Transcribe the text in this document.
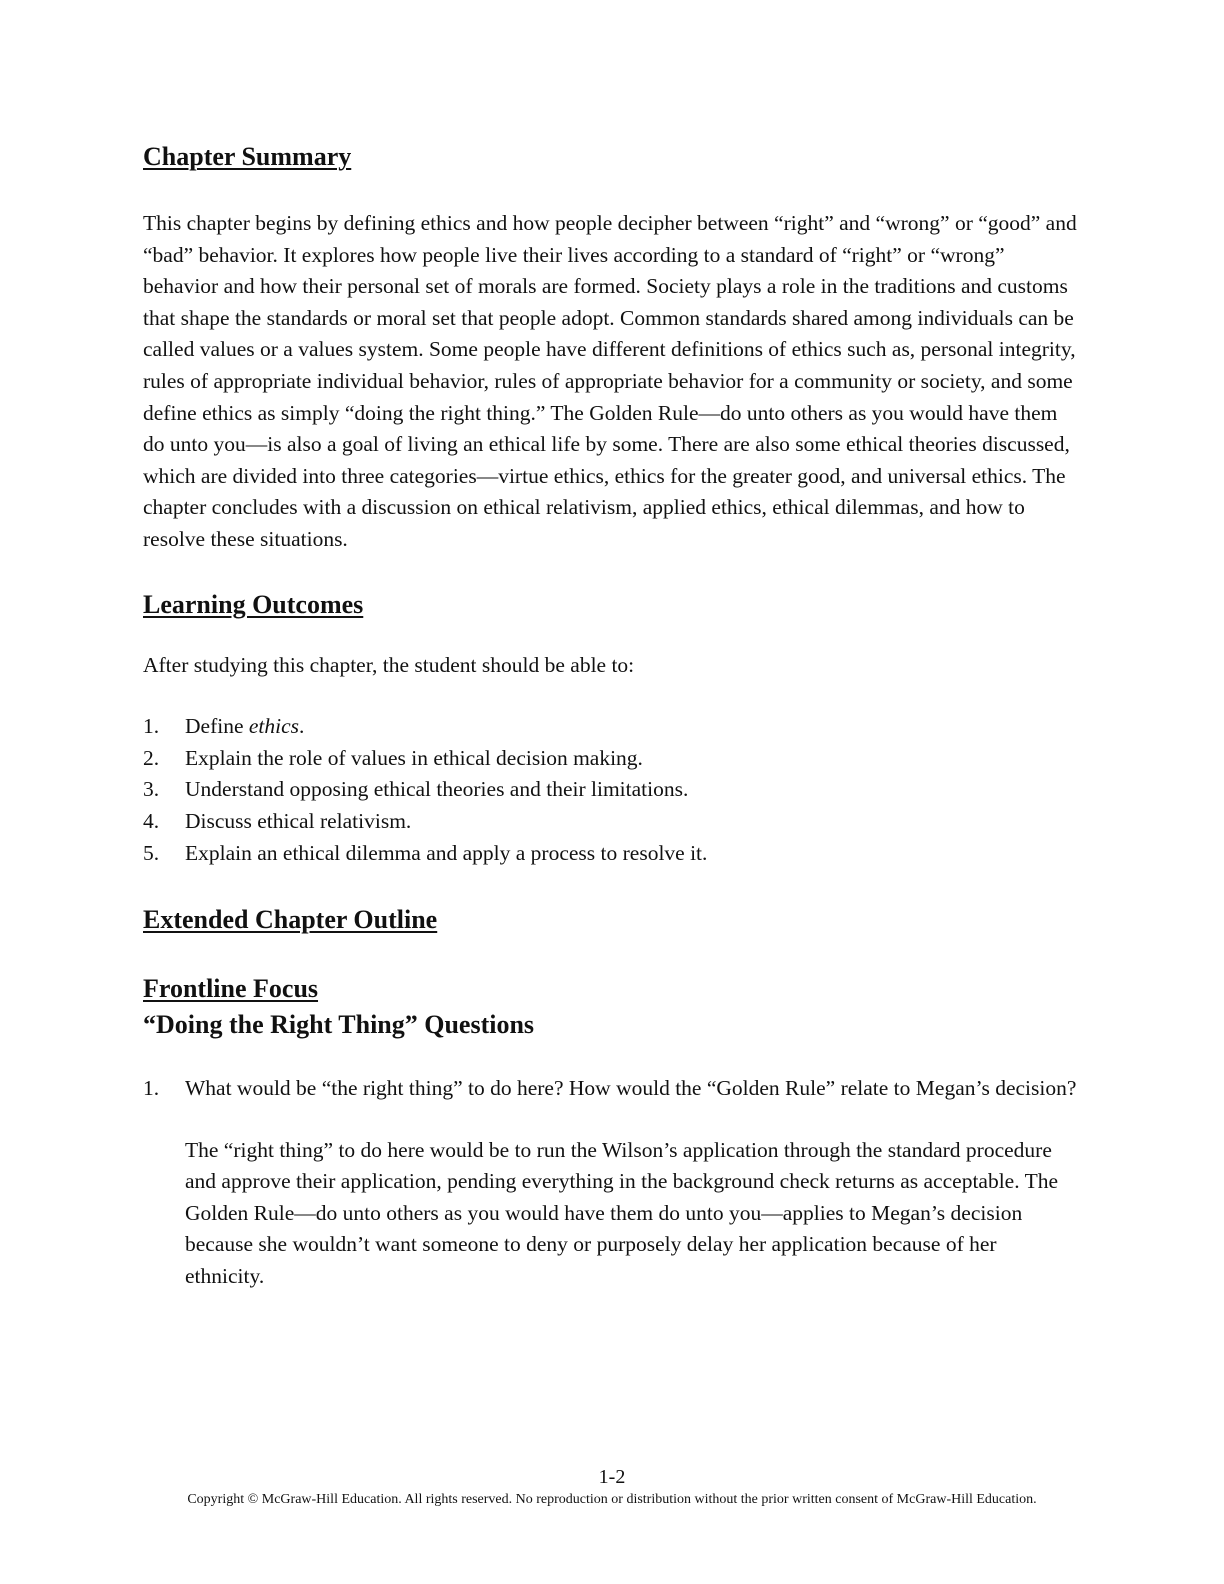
Chapter Summary

This chapter begins by defining ethics and how people decipher between “right” and “wrong” or “good” and “bad” behavior. It explores how people live their lives according to a standard of “right” or “wrong” behavior and how their personal set of morals are formed. Society plays a role in the traditions and customs that shape the standards or moral set that people adopt. Common standards shared among individuals can be called values or a values system. Some people have different definitions of ethics such as, personal integrity, rules of appropriate individual behavior, rules of appropriate behavior for a community or society, and some define ethics as simply “doing the right thing.” The Golden Rule—do unto others as you would have them do unto you—is also a goal of living an ethical life by some. There are also some ethical theories discussed, which are divided into three categories—virtue ethics, ethics for the greater good, and universal ethics. The chapter concludes with a discussion on ethical relativism, applied ethics, ethical dilemmas, and how to resolve these situations.

Learning Outcomes

After studying this chapter, the student should be able to:

1.	Define ethics.
2.	Explain the role of values in ethical decision making.
3.	Understand opposing ethical theories and their limitations.
4.	Discuss ethical relativism.
5.	Explain an ethical dilemma and apply a process to resolve it.
Extended Chapter Outline
Frontline Focus
“Doing the Right Thing” Questions
1.	What would be “the right thing” to do here? How would the “Golden Rule” relate to Megan’s decision?

The “right thing” to do here would be to run the Wilson’s application through the standard procedure and approve their application, pending everything in the background check returns as acceptable. The Golden Rule—do unto others as you would have them do unto you—applies to Megan’s decision because she wouldn’t want someone to deny or purposely delay her application because of her ethnicity.

1-2
Copyright © McGraw-Hill Education. All rights reserved. No reproduction or distribution without the prior written consent of McGraw-Hill Education.
